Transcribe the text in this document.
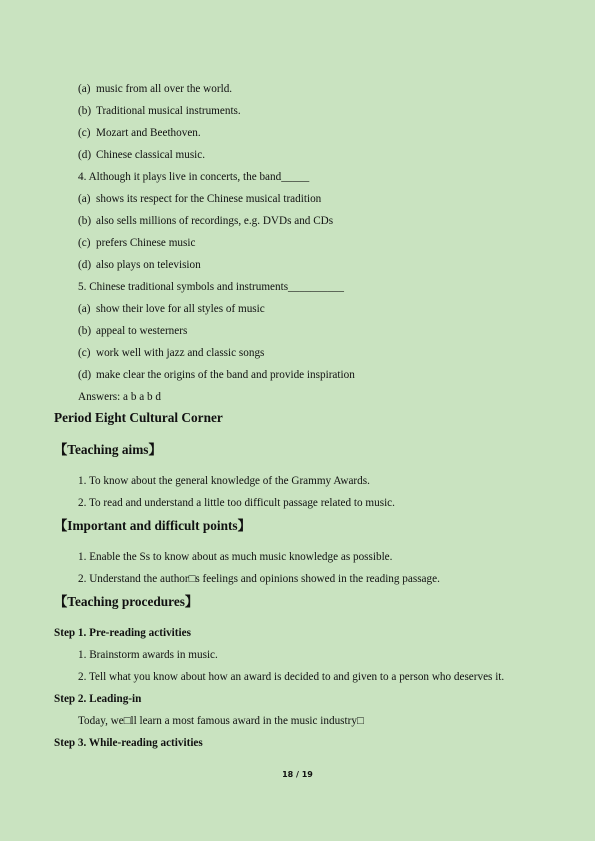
(a) music from all over the world.
(b) Traditional musical instruments.
(c) Mozart and Beethoven.
(d) Chinese classical music.
4. Although it plays live in concerts, the band_____
(a) shows its respect for the Chinese musical tradition
(b) also sells millions of recordings, e.g. DVDs and CDs
(c) prefers Chinese music
(d) also plays on television
5. Chinese traditional symbols and instruments__________
(a) show their love for all styles of music
(b) appeal to westerners
(c) work well with jazz and classic songs
(d) make clear the origins of the band and provide inspiration
Answers: a b a b d
Period Eight Cultural Corner
【Teaching aims】
1. To know about the general knowledge of the Grammy Awards.
2. To read and understand a little too difficult passage related to music.
【Important and difficult points】
1. Enable the Ss to know about as much music knowledge as possible.
2. Understand the author□s feelings and opinions showed in the reading passage.
【Teaching procedures】
Step 1. Pre-reading activities
1. Brainstorm awards in music.
2. Tell what you know about how an award is decided to and given to a person who deserves it.
Step 2. Leading-in
Today, we□ll learn a most famous award in the music industry□
Step 3. While-reading activities
18 / 19
